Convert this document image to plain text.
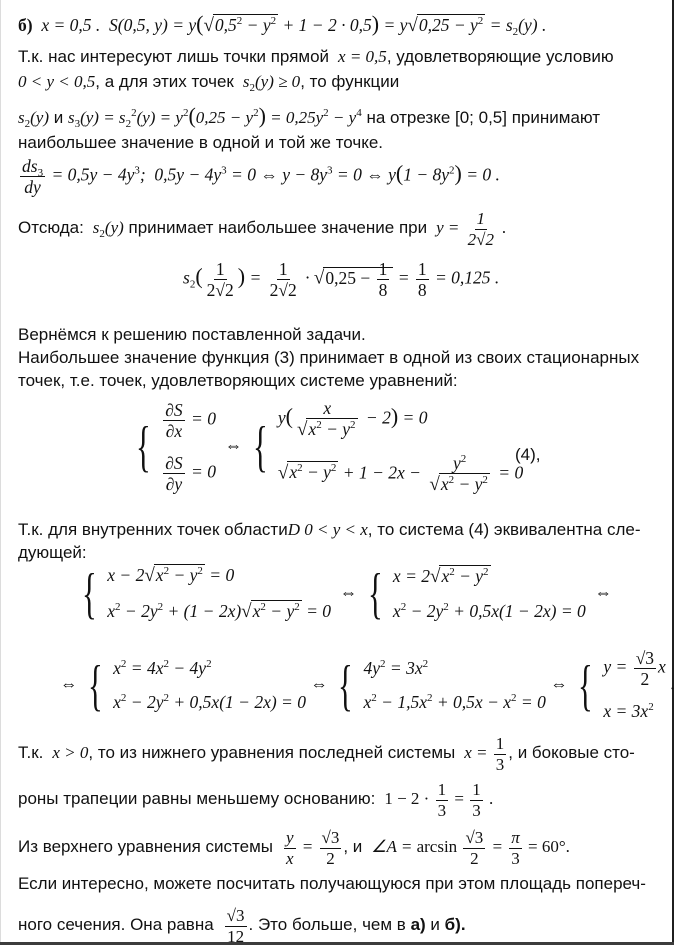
б) x = 0,5 .  S(0,5, $y) = y(√0,5^2 - y^2 + 1 - 2 \cdot 0,5) = y√0,25 - y^2 = s_2(y)$ .
Т.к. нас интересуют лишь точки прямой  x = 0,5, удовлетворяющие условию
0 < y < 0,5, а для этих точек  $s_2(y) \ge 0$, то функции
$s_2(y)$ и $s_3(y) = s_2^2(y) = y^2(0,25 - y^2) = 0,25y^2 - y^4$ на отрезке [0; 0,5] принимают
наибольшее значение в одной и той же точке.
$\frac{ds_3}{dy} = 0,5y - 4y^3$;  $0,5y - 4y^3 = 0$ ⇔ $y - 8y^3 = 0$ ⇔ $y(1 - 8y^2) = 0$ .
Отсюда:  $s_2(y)$ принимает наибольшее значение при  $y = \frac{1}{2√2}$ .
$s_2( \frac{1}{2√2}$ ) = $\frac{1}{2√2} \cdot √0,25 - \frac{1}{8} = \frac{1}{8} = 0,125$ .
Вернёмся к решению поставленной задачи.
Наибольшее значение функция (3) принимает в одной из своих стационарных
точек, т.е. точек, удовлетворяющих системе уравнений:
{ $\frac{\partial S}{\partial x} = 0$
$\frac{\partial S}{\partial y} = 0$
⇔ { $y( \frac{x}{√x^2 - y^2} - 2) = 0$
$√x^2 - y^2 + 1 - 2x - \frac{y^2}{√x^2 - y^2} = 0$
(4),
Т.к. для внутренних точек областиD 0 < y < x, то система (4) эквивалентна сле-
дующей:
{ $x - 2√x^2 - y^2 = 0$
$x^2 - 2y^2 + (1 - 2x)√x^2 - y^2 = 0$
⇔ { $x = 2√x^2 - y^2$
$x^2 - 2y^2 + 0,5x(1 - 2x) = 0$
⇔
⇔ { $x^2 = 4x^2 - 4y^2$
$x^2 - 2y^2 + 0,5x(1 - 2x) = 0$
⇔ { $4y^2 = 3x^2$
$x^2 - 1,5x^2 + 0,5x - x^2 = 0$
⇔ { $y = \frac{√3}{2}$ x
$x = 3x^2$
.
Т.к.  x > 0, то из нижнего уравнения последней системы  $x = \frac{1}{3}$ , и боковые сто-
роны трапеции равны меньшему основанию:  $1 - 2 \cdot \frac{1}{3} = \frac{1}{3}$ .
Из верхнего уравнения системы $\frac{y}{x} = \frac{√3}{2}$ , и  ∠A = $\arcsin \frac{√3}{2} = \frac{\pi}{3} = 60^\circ$.
Если интересно, можете посчитать получающуюся при этом площадь попереч-
ного сечения. Она равна $\frac{√3}{12}$ . Это больше, чем в а) и б).
